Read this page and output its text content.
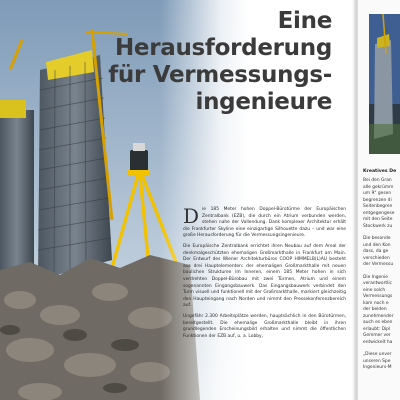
Eine
Herausforderung
für Vermessungs-
ingenieure

Die 185 Meter hohen Doppel-Bürotürme der Europäischen Zentralbank (EZB), die durch ein Atrium verbunden werden, stehen nahe der Vollendung. Dank komplexer Architektur erhält die Frankfurter Skyline eine einzigartige Silhouette dazu – und war eine große Herausforderung für die Vermessungsingenieure.

Die Europäische Zentralbank errichtet ihren Neubau auf dem Areal der denkmalgeschützten ehemaligen Großmarkthalle in Frankfurt am Main. Der Entwurf des Wiener Architekturbüros COOP HIMMELB(L)AU besteht aus drei Hauptelementen: der ehemaligen Großmarkthalle mit neuen baulichen Strukturen im Inneren, einem 185 Meter hohen in sich verdrehten Doppel-Bürobau mit zwei Türmen, Atrium und einem sogenannten Eingangsbauwerk. Das Eingangsbauwerk verbindet den Turm visuell und funktionell mit der Großmarkthalle, markiert gleichzeitig den Haupteingang nach Norden und nimmt den Pressekonferenzbereich auf.

Ungefähr 2.300 Arbeitsplätze werden, hauptsächlich in den Bürotürmen, bereitgestellt. Die ehemalige Großmarkthalle bleibt in ihren grundlegenden Erscheinungsbild erhalten und nimmt die öffentlichen Funktionen der EZB auf, u. a. Lobby,

Kreatives De
Bei den Gran
alle gekrümm
um 9° gesen
begrenzen di
Seitenbegren
entgegengese
mit den Seite
Stockwerk zu
Die besonde
und den Kon
dass, da ge
verschieden
der Vermessu
Die Ingenie
verantwortlic
eine solch
Vermessungs
kam noch e
der beiden
zunehmender
auch es eben
erlaubt: Dipl
Gemmer ver
entwickelt ha
„Diese unver
unseren Spe
Ingenieurs-M
